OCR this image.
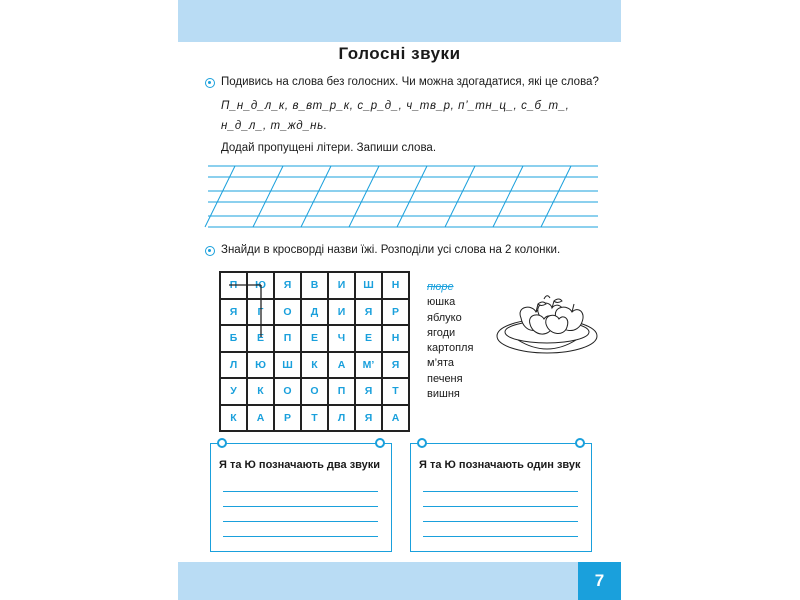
Голосні звуки
Подивись на слова без голосних. Чи можна здогадатися, які це слова?
П_н_д_л_к, в_вт_р_к, с_р_д_, ч_тв_р, п’_тн_ц_, с_б_т_,
н_д_л_, т_жд_нь.
Додай пропущені літери. Запиши слова.
Знайди в кросворді назви їжі. Розподіли усі слова на 2 колонки.
П	Ю	Я	В	И	Ш	Н
Я	Г	О	Д	И	Я	Р
Б	Е	П	Е	Ч	Е	Н
Л	Ю	Ш	К	А	М’	Я
У	К	О	О	П	Я	Т
К	А	Р	Т	Л	Я	А
пюре
юшка
яблуко
ягоди
картопля
м’ята
печеня
вишня
Я та Ю позначають два звуки	Я та Ю позначають один звук
7
